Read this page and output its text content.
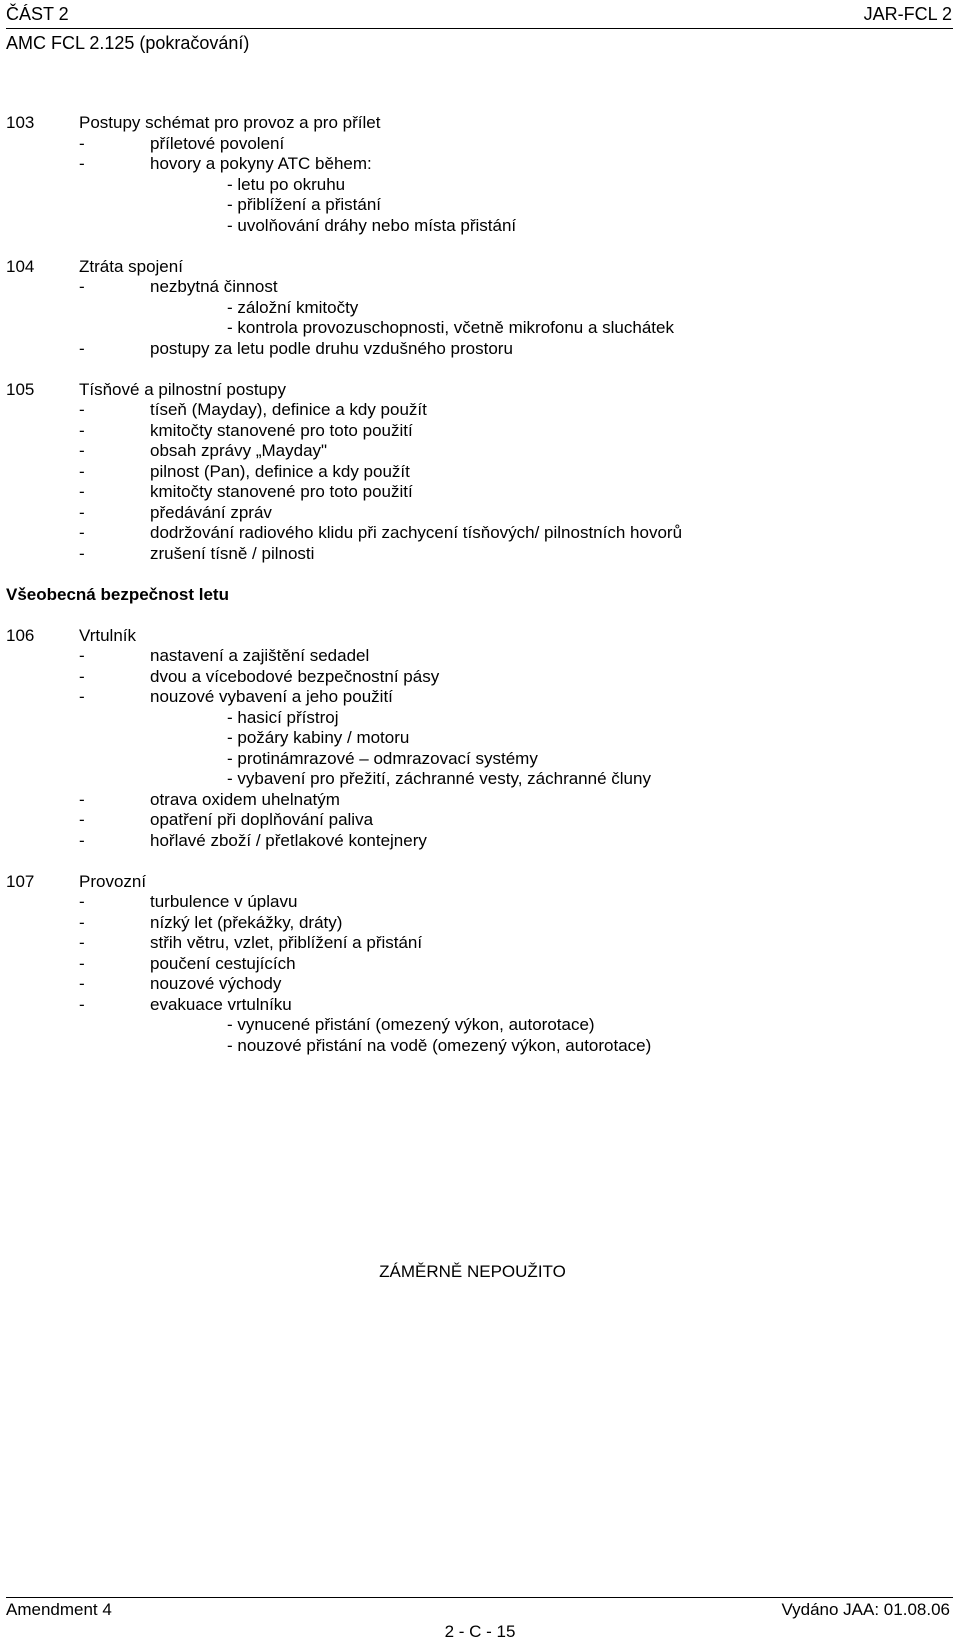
ČÁST 2	JAR-FCL 2
AMC FCL 2.125 (pokračování)
103	Postupy schémat pro provoz a pro přílet
-	příletové povolení
-	hovory a pokyny ATC během:
- letu po okruhu
- přiblížení a přistání
- uvolňování dráhy nebo místa přistání
104	Ztráta spojení
-	nezbytná činnost
- záložní kmitočty
- kontrola provozuschopnosti, včetně mikrofonu a sluchátek
-	postupy za letu podle druhu vzdušného prostoru
105	Tísňové a pilnostní postupy
-	tíseň (Mayday), definice a kdy použít
-	kmitočty stanovené pro toto použití
-	obsah zprávy „Mayday"
-	pilnost (Pan), definice a kdy použít
-	kmitočty stanovené pro toto použití
-	předávání zpráv
-	dodržování radiového klidu při zachycení tísňových/ pilnostních hovorů
-	zrušení tísně / pilnosti
Všeobecná bezpečnost letu
106	Vrtulník
-	nastavení a zajištění sedadel
-	dvou a vícebodové bezpečnostní pásy
-	nouzové vybavení a jeho použití
- hasicí přístroj
- požáry kabiny / motoru
- protinámrazové – odmrazovací systémy
- vybavení pro přežití, záchranné vesty, záchranné čluny
-	otrava oxidem uhelnatým
-	opatření při doplňování paliva
-	hořlavé zboží / přetlakové kontejnery
107	Provozní
-	turbulence v úplavu
-	nízký let (překážky, dráty)
-	střih větru, vzlet, přiblížení a přistání
-	poučení cestujících
-	nouzové východy
-	evakuace vrtulníku
- vynucené přistání (omezený výkon, autorotace)
- nouzové přistání na vodě (omezený výkon, autorotace)
ZÁMĚRNĚ NEPOUŽITO
Amendment 4	Vydáno JAA: 01.08.06
2 - C - 15
